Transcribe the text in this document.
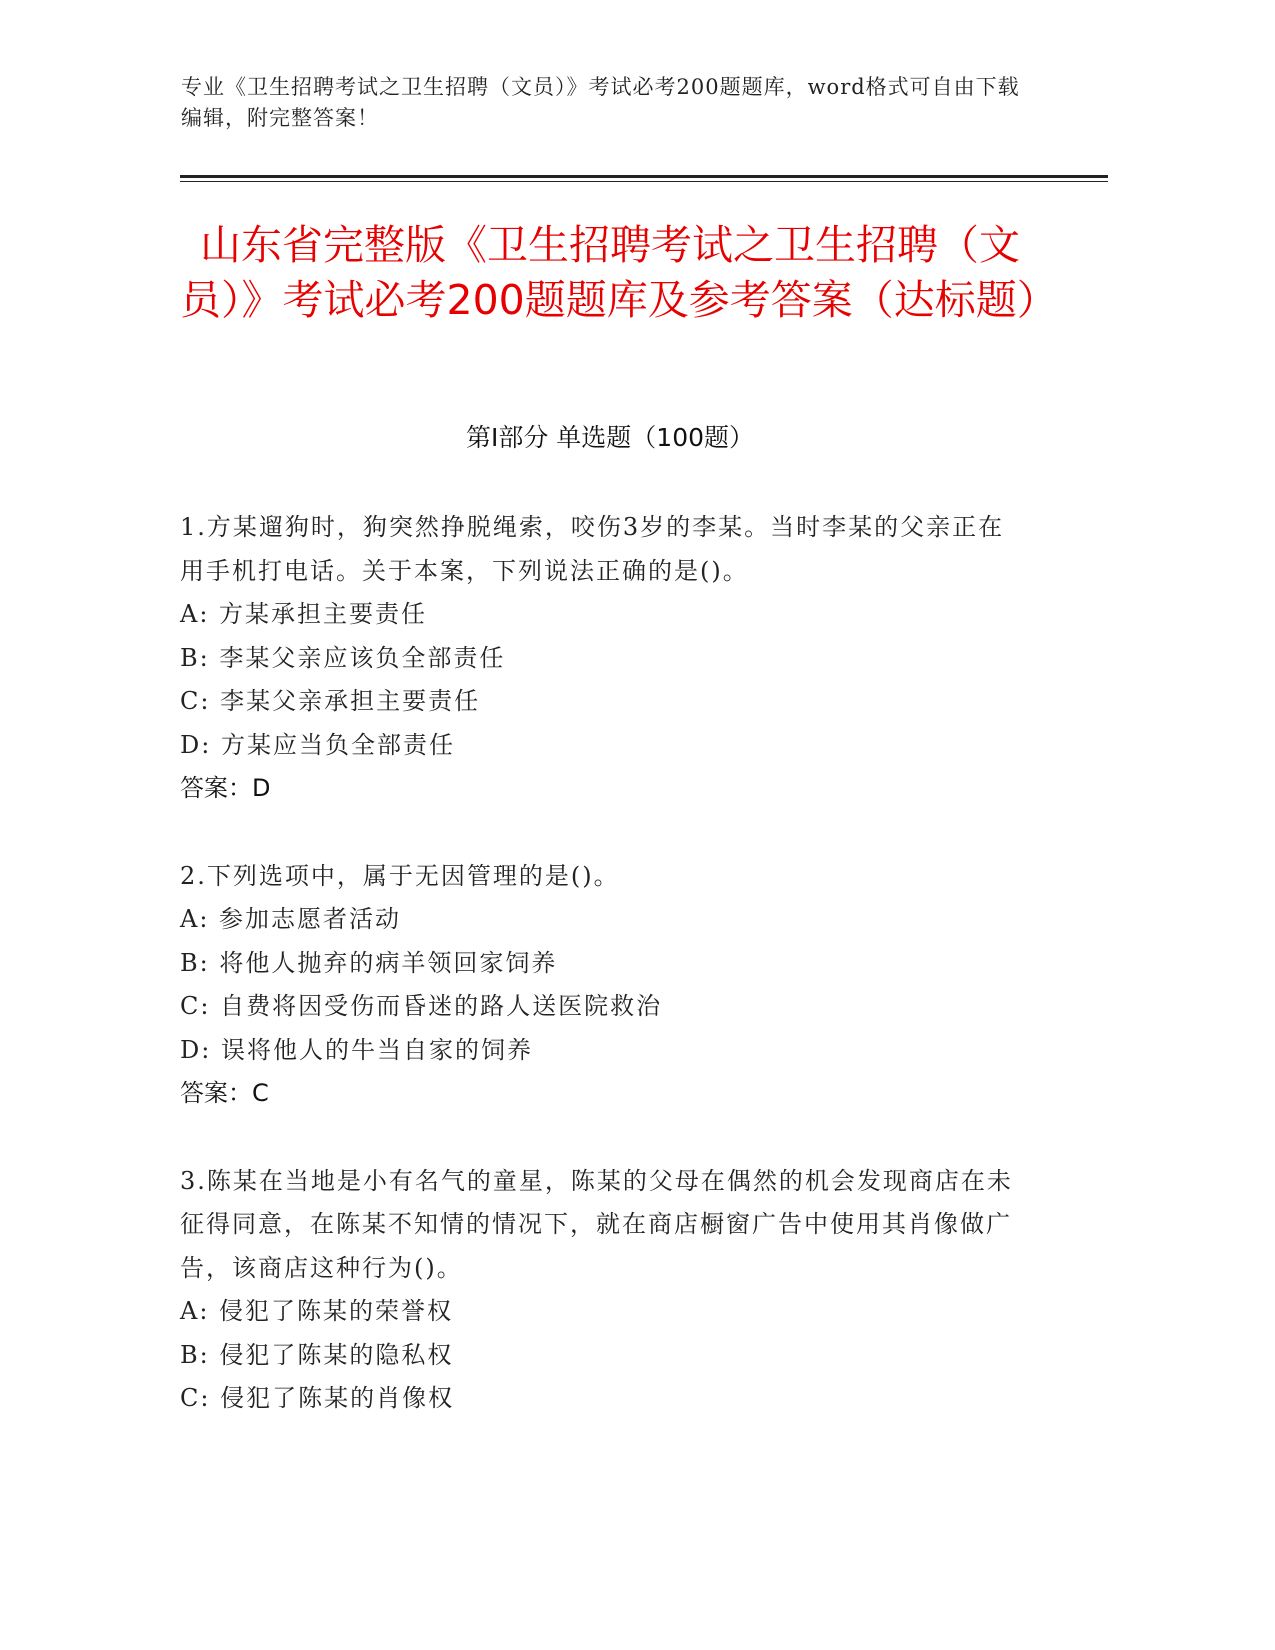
专业《卫生招聘考试之卫生招聘（文员）》考试必考200题题库，word格式可自由下载编辑，附完整答案！
山东省完整版《卫生招聘考试之卫生招聘（文员）》考试必考200题题库及参考答案（达标题）
第I部分 单选题（100题）
1.方某遛狗时，狗突然挣脱绳索，咬伤3岁的李某。当时李某的父亲正在用手机打电话。关于本案，下列说法正确的是()。
A: 方某承担主要责任
B: 李某父亲应该负全部责任
C: 李某父亲承担主要责任
D: 方某应当负全部责任
答案：D
2.下列选项中，属于无因管理的是()。
A: 参加志愿者活动
B: 将他人抛弃的病羊领回家饲养
C: 自费将因受伤而昏迷的路人送医院救治
D: 误将他人的牛当自家的饲养
答案：C
3.陈某在当地是小有名气的童星，陈某的父母在偶然的机会发现商店在未征得同意，在陈某不知情的情况下，就在商店橱窗广告中使用其肖像做广告，该商店这种行为()。
A: 侵犯了陈某的荣誉权
B: 侵犯了陈某的隐私权
C: 侵犯了陈某的肖像权
